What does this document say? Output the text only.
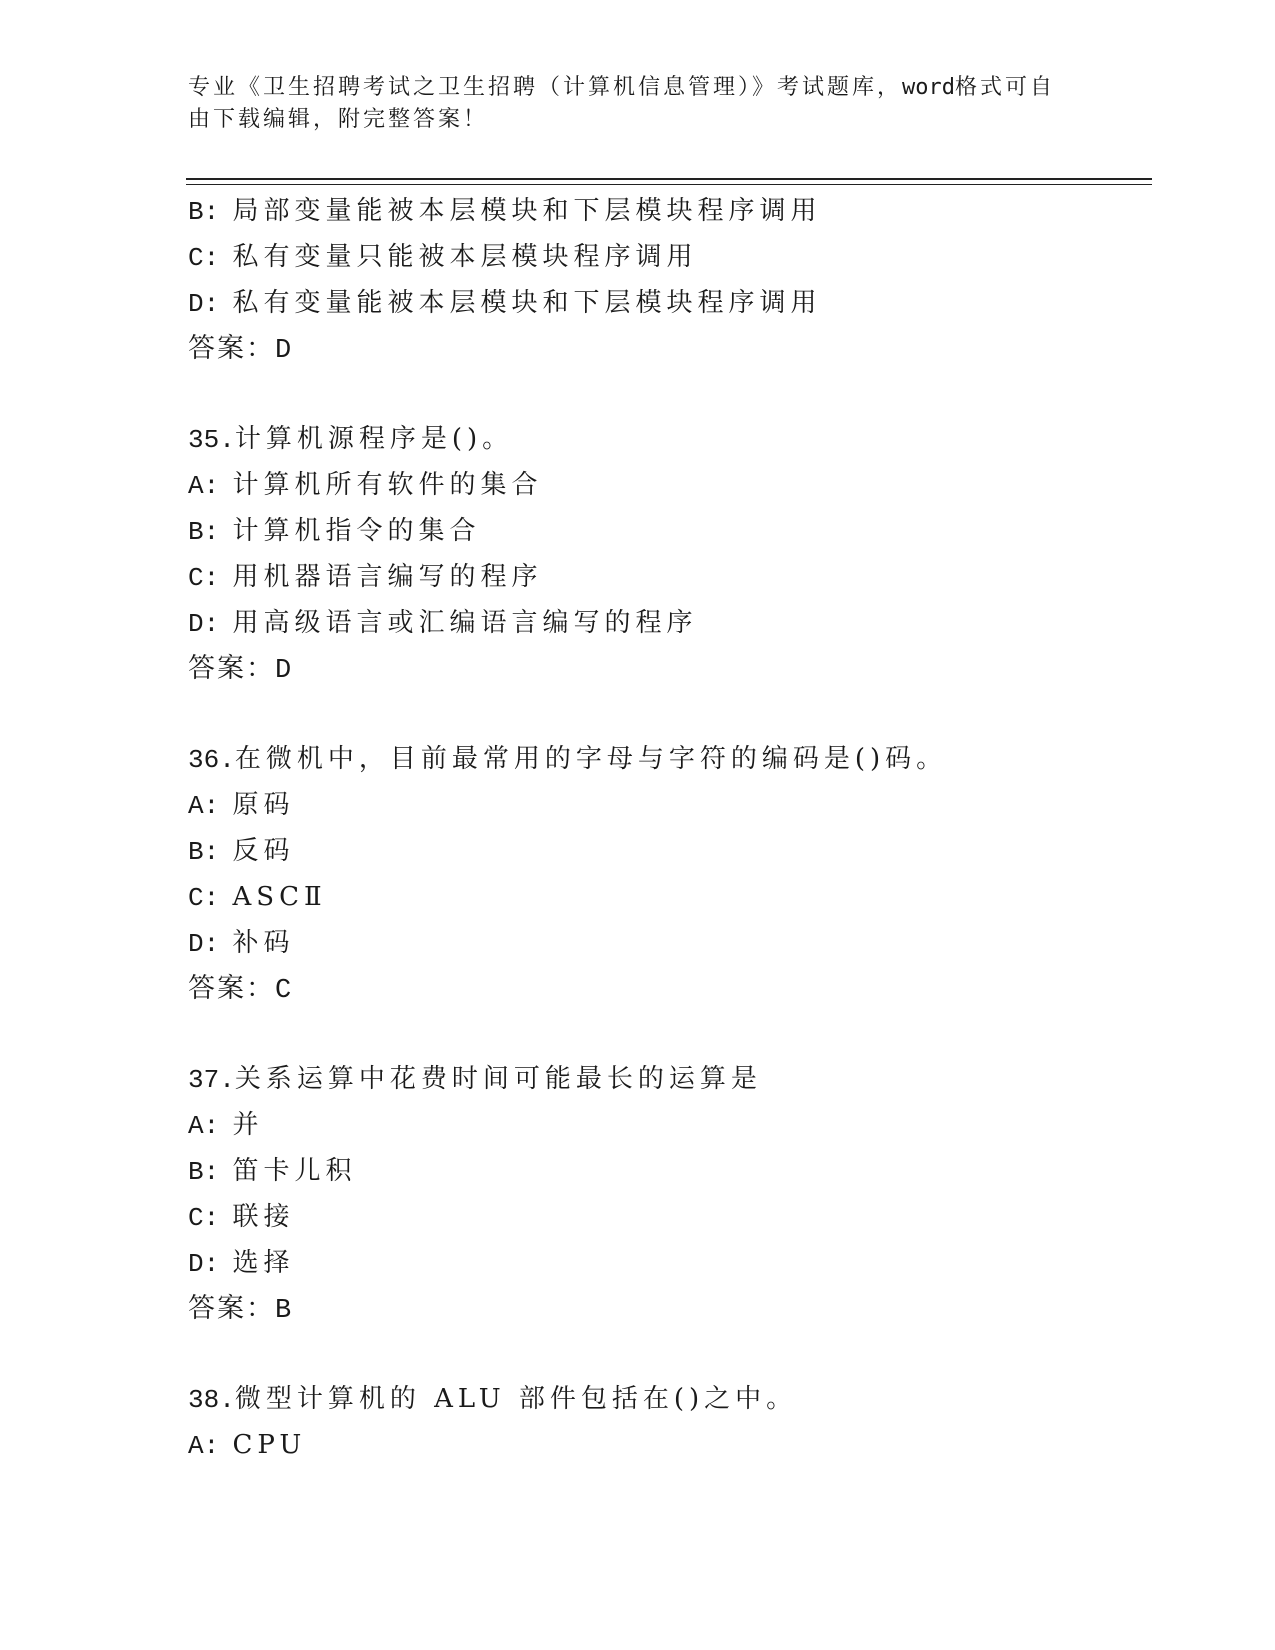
专业《卫生招聘考试之卫生招聘（计算机信息管理）》考试题库，word格式可自
由下载编辑，附完整答案！
B: 局部变量能被本层模块和下层模块程序调用
C: 私有变量只能被本层模块程序调用
D: 私有变量能被本层模块和下层模块程序调用
答案：D
35.计算机源程序是()。
A: 计算机所有软件的集合
B: 计算机指令的集合
C: 用机器语言编写的程序
D: 用高级语言或汇编语言编写的程序
答案：D
36.在微机中，目前最常用的字母与字符的编码是()码。
A: 原码
B: 反码
C: ASCⅡ
D: 补码
答案：C
37.关系运算中花费时间可能最长的运算是
A: 并
B: 笛卡儿积
C: 联接
D: 选择
答案：B
38.微型计算机的 ALU 部件包括在()之中。
A: CPU
